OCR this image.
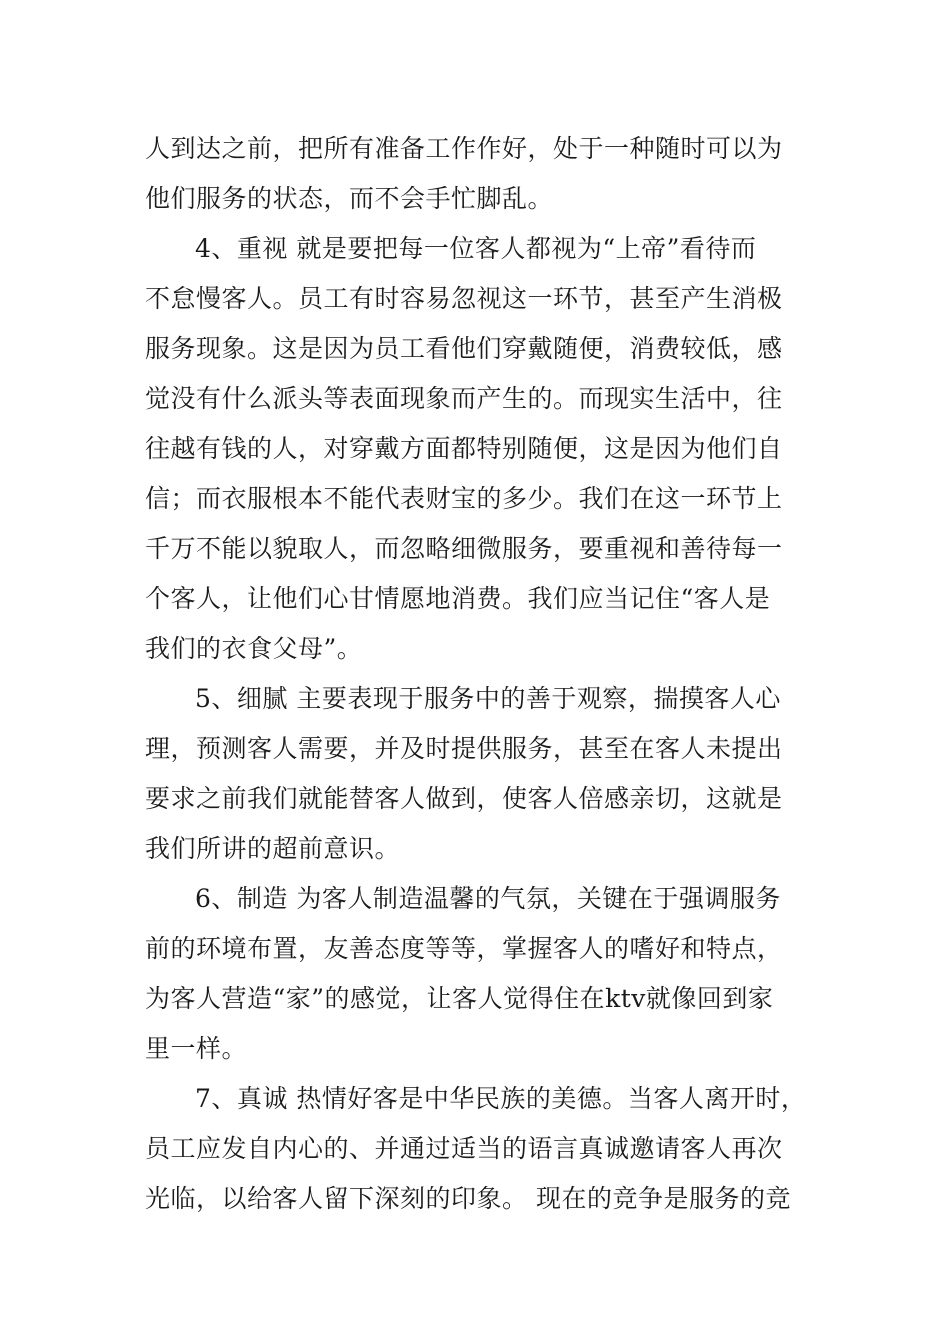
人到达之前，把所有准备工作作好，处于一种随时可以为
他们服务的状态，而不会手忙脚乱。
4、重视 就是要把每一位客人都视为“上帝”看待而
不怠慢客人。员工有时容易忽视这一环节，甚至产生消极
服务现象。这是因为员工看他们穿戴随便，消费较低，感
觉没有什么派头等表面现象而产生的。而现实生活中，往
往越有钱的人，对穿戴方面都特别随便，这是因为他们自
信；而衣服根本不能代表财宝的多少。我们在这一环节上
千万不能以貌取人，而忽略细微服务，要重视和善待每一
个客人，让他们心甘情愿地消费。我们应当记住“客人是
我们的衣食父母”。
5、细腻 主要表现于服务中的善于观察，揣摸客人心
理，预测客人需要，并及时提供服务，甚至在客人未提出
要求之前我们就能替客人做到，使客人倍感亲切，这就是
我们所讲的超前意识。
6、制造 为客人制造温馨的气氛，关键在于强调服务
前的环境布置，友善态度等等，掌握客人的嗜好和特点，
为客人营造“家”的感觉，让客人觉得住在ktv就像回到家
里一样。
7、真诚 热情好客是中华民族的美德。当客人离开时，
员工应发自内心的、并通过适当的语言真诚邀请客人再次
光临，以给客人留下深刻的印象。 现在的竞争是服务的竞
